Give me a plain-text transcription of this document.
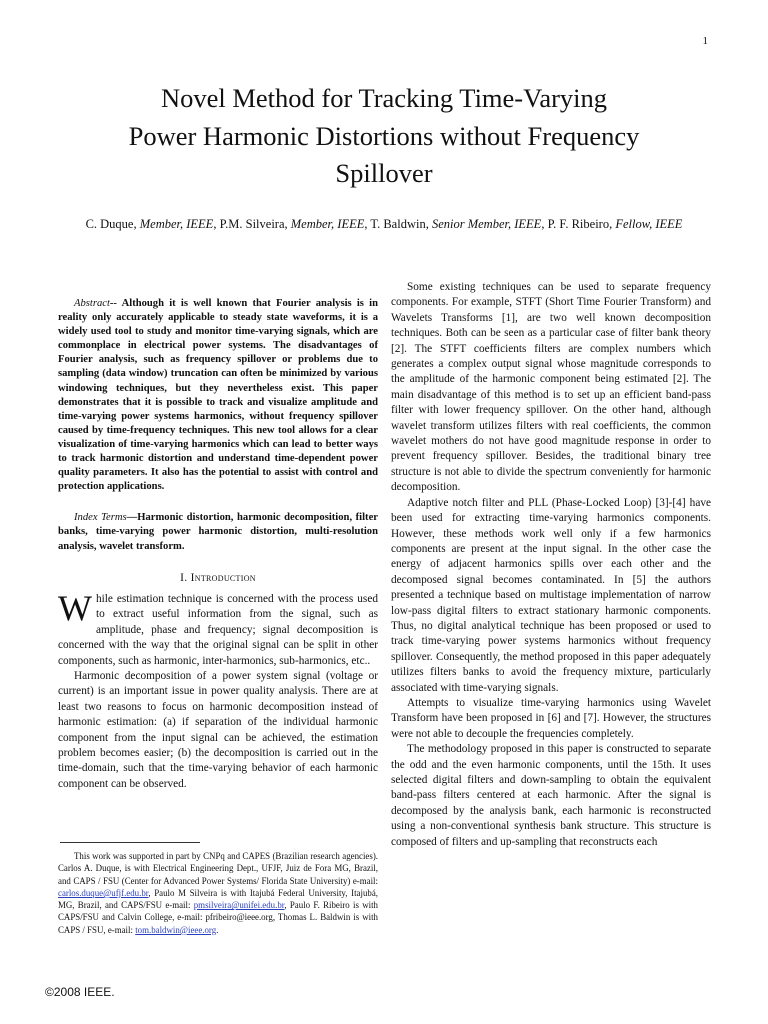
1
Novel Method for Tracking Time-Varying
Power Harmonic Distortions without Frequency
Spillover
C. Duque, Member, IEEE, P.M. Silveira, Member, IEEE, T. Baldwin, Senior Member, IEEE, P. F. Ribeiro, Fellow, IEEE

Abstract-- Although it is well known that Fourier analysis is in reality only accurately applicable to steady state waveforms, it is a widely used tool to study and monitor time-varying signals, which are commonplace in electrical power systems. The disadvantages of Fourier analysis, such as frequency spillover or problems due to sampling (data window) truncation can often be minimized by various windowing techniques, but they nevertheless exist. This paper demonstrates that it is possible to track and visualize amplitude and time-varying power systems harmonics, without frequency spillover caused by time-frequency techniques. This new tool allows for a clear visualization of time-varying harmonics which can lead to better ways to track harmonic distortion and understand time-dependent power quality parameters. It also has the potential to assist with control and protection applications.

Index Terms—Harmonic distortion, harmonic decomposition, filter banks, time-varying power harmonic distortion, multi-resolution analysis, wavelet transform.

I. Introduction

While estimation technique is concerned with the process used to extract useful information from the signal, such as amplitude, phase and frequency; signal decomposition is concerned with the way that the original signal can be split in other components, such as harmonic, inter-harmonics, sub-harmonics, etc..

Harmonic decomposition of a power system signal (voltage or current) is an important issue in power quality analysis. There are at least two reasons to focus on harmonic decomposition instead of harmonic estimation: (a) if separation of the individual harmonic component from the input signal can be achieved, the estimation problem becomes easier; (b) the decomposition is carried out in the time-domain, such that the time-varying behavior of each harmonic component can be observed.

This work was supported in part by CNPq and CAPES (Brazilian research agencies). Carlos A. Duque, is with Electrical Engineering Dept., UFJF, Juiz de Fora MG, Brazil, and CAPS / FSU (Center for Advanced Power Systems/ Florida State University) e-mail: carlos.duque@ufjf.edu.br, Paulo M Silveira is with Itajubá Federal University, Itajubá, MG, Brazil, and CAPS/FSU e-mail: pmsilveira@unifei.edu.br, Paulo F. Ribeiro is with CAPS/FSU and Calvin College, e-mail: pfribeiro@ieee.org, Thomas L. Baldwin is with CAPS / FSU, e-mail: tom.baldwin@ieee.org.

Some existing techniques can be used to separate frequency components. For example, STFT (Short Time Fourier Transform) and Wavelets Transforms [1], are two well known decomposition techniques. Both can be seen as a particular case of filter bank theory [2]. The STFT coefficients filters are complex numbers which generates a complex output signal whose magnitude corresponds to the amplitude of the harmonic component being estimated [2]. The main disadvantage of this method is to set up an efficient band-pass filter with lower frequency spillover. On the other hand, although wavelet transform utilizes filters with real coefficients, the common wavelet mothers do not have good magnitude response in order to prevent frequency spillover. Besides, the traditional binary tree structure is not able to divide the spectrum conveniently for harmonic decomposition.

Adaptive notch filter and PLL (Phase-Locked Loop) [3]-[4] have been used for extracting time-varying harmonics components. However, these methods work well only if a few harmonics components are present at the input signal. In the other case the energy of adjacent harmonics spills over each other and the decomposed signal becomes contaminated. In [5] the authors presented a technique based on multistage implementation of narrow low-pass digital filters to extract stationary harmonic components. Thus, no digital analytical technique has been proposed or used to track time-varying power systems harmonics without frequency spillover. Consequently, the method proposed in this paper adequately utilizes filters banks to avoid the frequency mixture, particularly associated with time-varying signals.

Attempts to visualize time-varying harmonics using Wavelet Transform have been proposed in [6] and [7]. However, the structures were not able to decouple the frequencies completely.

The methodology proposed in this paper is constructed to separate the odd and the even harmonic components, until the 15th. It uses selected digital filters and down-sampling to obtain the equivalent band-pass filters centered at each harmonic. After the signal is decomposed by the analysis bank, each harmonic is reconstructed using a non-conventional synthesis bank structure. This structure is composed of filters and up-sampling that reconstructs each

©2008 IEEE.
